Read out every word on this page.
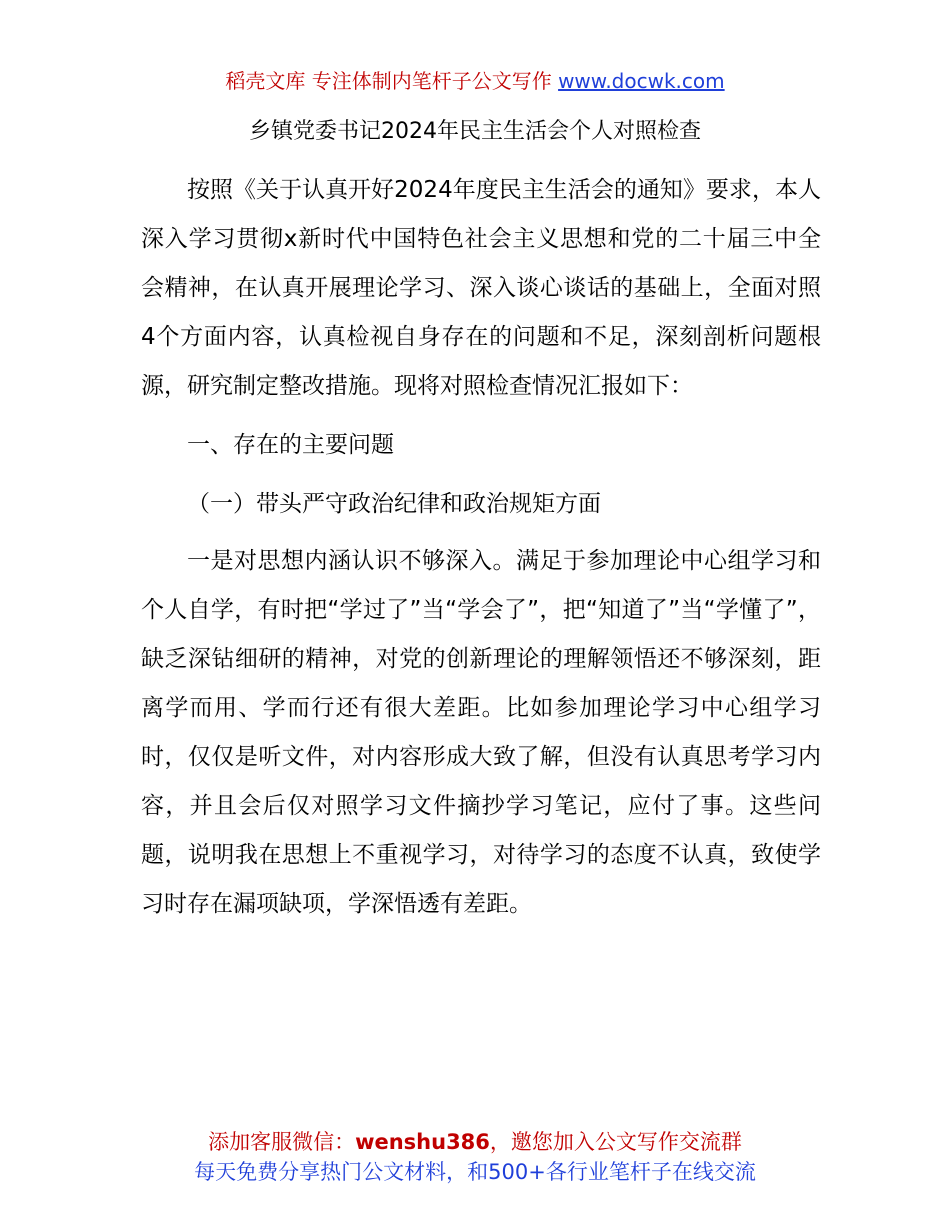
稻壳文库 专注体制内笔杆子公文写作 www.docwk.com
乡镇党委书记2024年民主生活会个人对照检查

按照《关于认真开好2024年度民主生活会的通知》要求，本人深入学习贯彻x新时代中国特色社会主义思想和党的二十届三中全会精神，在认真开展理论学习、深入谈心谈话的基础上，全面对照4个方面内容，认真检视自身存在的问题和不足，深刻剖析问题根源，研究制定整改措施。现将对照检查情况汇报如下：

一、存在的主要问题

（一）带头严守政治纪律和政治规矩方面

一是对思想内涵认识不够深入。满足于参加理论中心组学习和个人自学，有时把“学过了”当“学会了”，把“知道了”当“学懂了”，缺乏深钻细研的精神，对党的创新理论的理解领悟还不够深刻，距离学而用、学而行还有很大差距。比如参加理论学习中心组学习时，仅仅是听文件，对内容形成大致了解，但没有认真思考学习内容，并且会后仅对照学习文件摘抄学习笔记，应付了事。这些问题，说明我在思想上不重视学习，对待学习的态度不认真，致使学习时存在漏项缺项，学深悟透有差距。

添加客服微信：wenshu386，邀您加入公文写作交流群
每天免费分享热门公文材料，和500+各行业笔杆子在线交流
